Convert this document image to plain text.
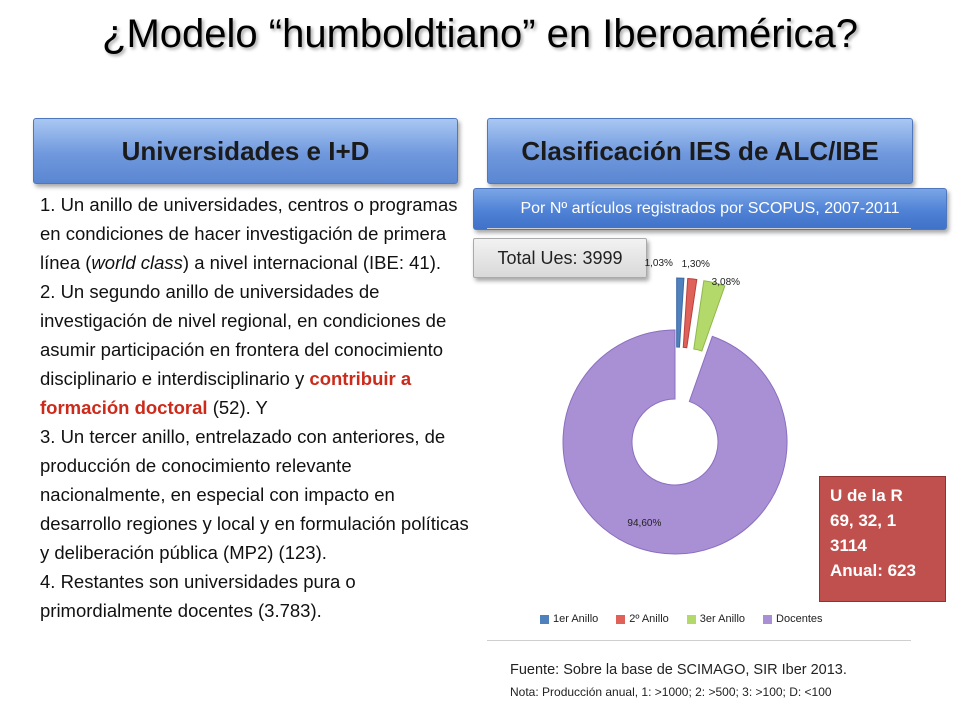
¿Modelo “humboldtiano” en Iberoamérica?
Universidades e I+D	Clasificación IES de ALC/IBE
Por Nº artículos registrados por SCOPUS, 2007-2011
Total Ues: 3999

1. Un anillo de universidades, centros o programas en condiciones de hacer investigación de primera línea (world class) a nivel internacional (IBE: 41).

2. Un segundo anillo de universidades de investigación de nivel regional, en condiciones de asumir participación en frontera del conocimiento disciplinario e interdisciplinario y contribuir a formación doctoral (52). Y

3. Un tercer anillo, entrelazado con anteriores, de producción de conocimiento relevante nacionalmente, en especial con impacto en desarrollo regiones y local y en formulación políticas y deliberación pública (MP2) (123).

4. Restantes son universidades pura o primordialmente docentes (3.783).

1,03% 1,30%
3,08%
94,60%
1er Anillo	2º Anillo	3er Anillo	Docentes
U de la R
69, 32, 1
3114
Anual: 623
Fuente: Sobre la base de SCIMAGO, SIR Iber 2013.
Nota: Producción anual, 1: >1000; 2: >500; 3: >100; D: <100
